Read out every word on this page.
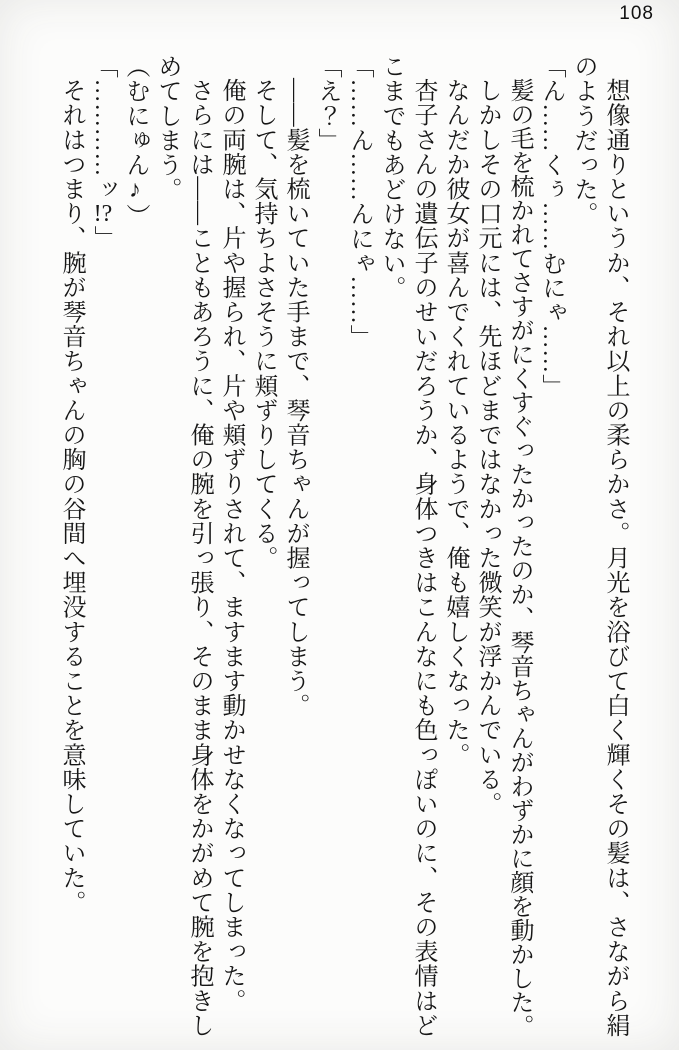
108

想像通りというか、それ以上の柔らかさ。月光を浴びて白く輝くその髪は、さながら絹のようだった。

「ん……くぅ……むにゃ……」

髪の毛を梳かれてさすがにくすぐったかったのか、琴音ちゃんがわずかに顔を動かした。

しかしその口元には、先ほどまではなかった微笑が浮かんでいる。

なんだか彼女が喜んでくれているようで、俺も嬉しくなった。

杏子さんの遺伝子のせいだろうか、身体つきはこんなにも色っぽいのに、その表情はどこまでもあどけない。

「……ん……んにゃ……」

「え？」

——髪を梳いていた手まで、琴音ちゃんが握ってしまう。

そして、気持ちよさそうに頬ずりしてくる。

俺の両腕は、片や握られ、片や頬ずりされて、ますます動かせなくなってしまった。

さらには——こともあろうに、俺の腕を引っ張り、そのまま身体をかがめて腕を抱きしめてしまう。

（むにゅん♪）

「…………ッ!?」

それはつまり、腕が琴音ちゃんの胸の谷間へ埋没することを意味していた。
